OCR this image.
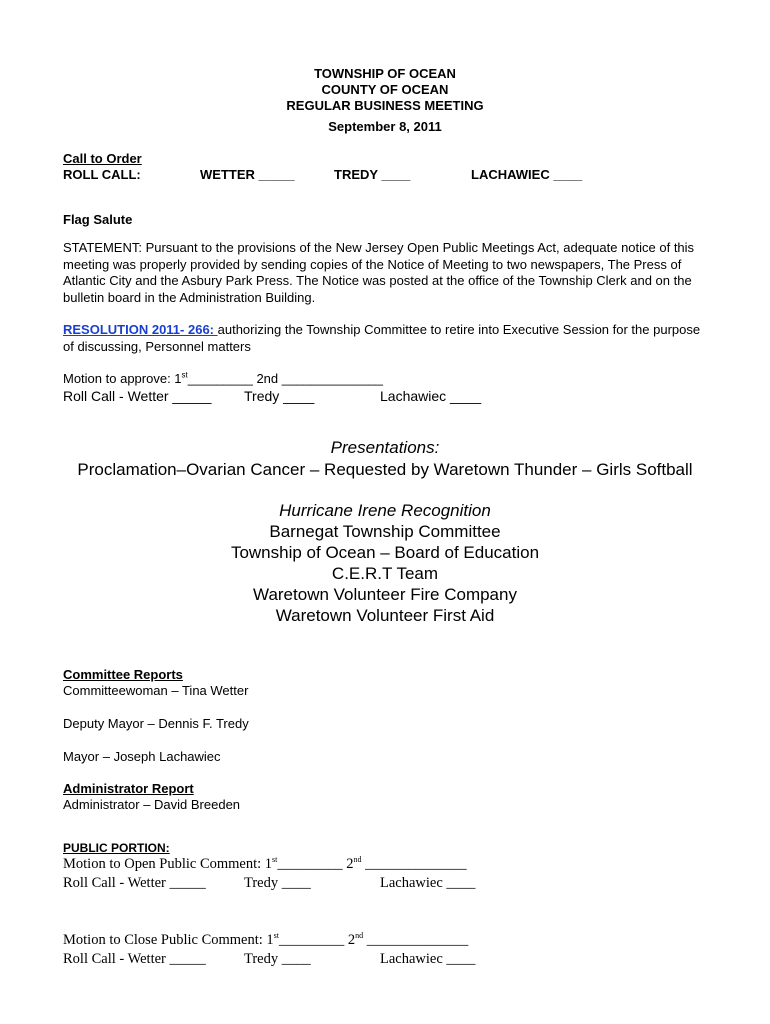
TOWNSHIP OF OCEAN
COUNTY OF OCEAN
REGULAR BUSINESS MEETING
September 8, 2011
Call to Order
ROLL CALL:	WETTER _____	TREDY ____	LACHAWIEC ____
Flag Salute
STATEMENT: Pursuant to the provisions of the New Jersey Open Public Meetings Act, adequate notice of this meeting was properly provided by sending copies of the Notice of Meeting to two newspapers, The Press of Atlantic City and the Asbury Park Press. The Notice was posted at the office of the Township Clerk and on the bulletin board in the Administration Building.
RESOLUTION 2011- 266: authorizing the Township Committee to retire into Executive Session for the purpose of discussing, Personnel matters
Motion to approve: 1st_________ 2nd ______________
Roll Call - Wetter _____ Tredy ____	Lachawiec ____
Presentations:
Proclamation–Ovarian Cancer – Requested by Waretown Thunder – Girls Softball
Hurricane Irene Recognition
Barnegat Township Committee
Township of Ocean – Board of Education
C.E.R.T Team
Waretown Volunteer Fire Company
Waretown Volunteer First Aid
Committee Reports
Committeewoman – Tina Wetter
Deputy Mayor – Dennis F. Tredy
Mayor – Joseph Lachawiec
Administrator Report
Administrator – David Breeden
PUBLIC PORTION:
Motion to Open Public Comment: 1st_________ 2nd ______________
Roll Call - Wetter _____	Tredy ____	Lachawiec ____
Motion to Close Public Comment: 1st_________ 2nd ______________
Roll Call - Wetter _____	Tredy ____	Lachawiec ____
